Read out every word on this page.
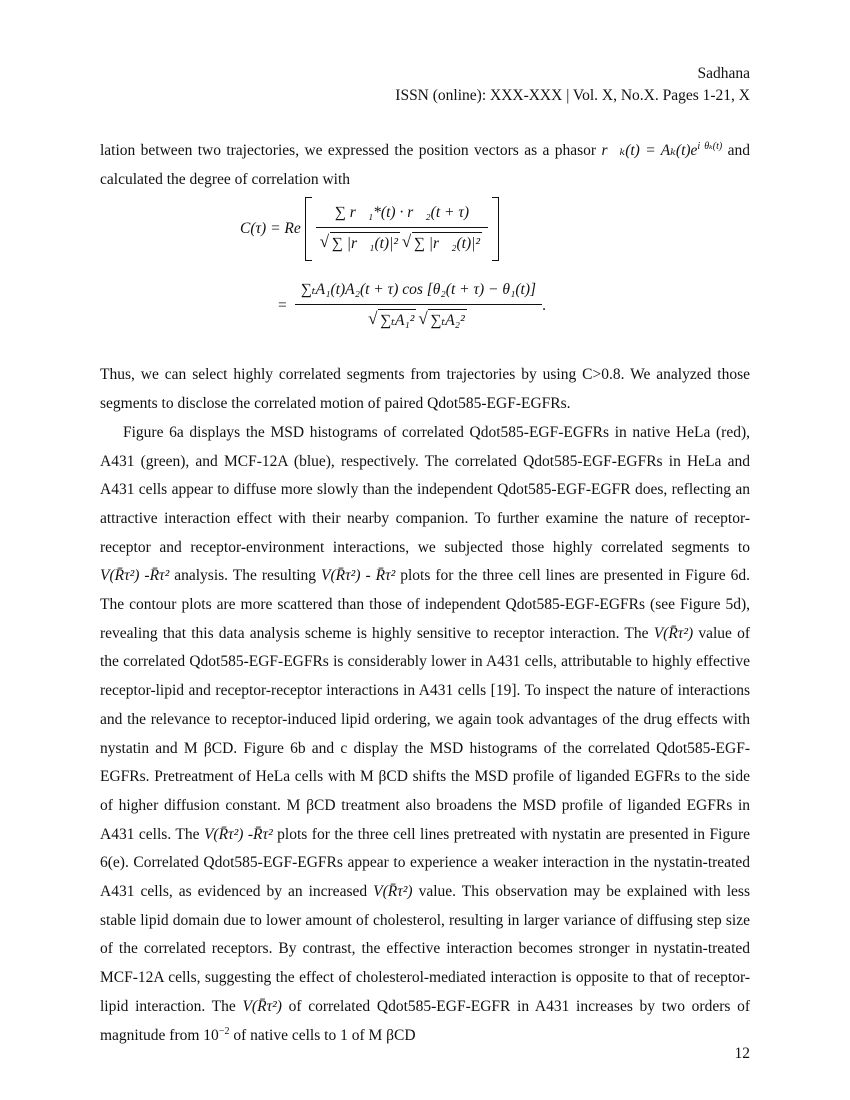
Sadhana
ISSN (online): XXX-XXX | Vol. X, No.X. Pages 1-21, X

lation between two trajectories, we expressed the position vectors as a phasor r⃗ₖ(t) = $A_k(t)e^{i \theta_k(t)}$ and calculated the degree of correlation with

C(τ) = Re ∑ r⃗₁*(t) · r⃗₂(t + τ)
√ ∑ |r⃗₁(t)|² √ ∑ |r⃗₂(t)|²
= ∑ₜA₁(t)A₂(t + τ) cos [θ₂(t + τ) − θ₁(t)]
√ ∑ₜA₁² √ ∑ₜA₂² .

Thus, we can select highly correlated segments from trajectories by using C>0.8. We analyzed those segments to disclose the correlated motion of paired Qdot585-EGF-EGFRs.

Figure 6a displays the MSD histograms of correlated Qdot585-EGF-EGFRs in native HeLa (red), A431 (green), and MCF-12A (blue), respectively. The correlated Qdot585-EGF-EGFRs in HeLa and A431 cells appear to diffuse more slowly than the independent Qdot585-EGF-EGFR does, reflecting an attractive interaction effect with their nearby companion. To further examine the nature of receptor-receptor and receptor-environment interactions, we subjected those highly correlated segments to V(R̄τ²) -R̄τ² analysis. The resulting V(R̄τ²) - R̄τ² plots for the three cell lines are presented in Figure 6d. The contour plots are more scattered than those of independent Qdot585-EGF-EGFRs (see Figure 5d), revealing that this data analysis scheme is highly sensitive to receptor interaction. The V(R̄τ²) value of the correlated Qdot585-EGF-EGFRs is considerably lower in A431 cells, attributable to highly effective receptor-lipid and receptor-receptor interactions in A431 cells [19]. To inspect the nature of interactions and the relevance to receptor-induced lipid ordering, we again took advantages of the drug effects with nystatin and M βCD. Figure 6b and c display the MSD histograms of the correlated Qdot585-EGF-EGFRs. Pretreatment of HeLa cells with M βCD shifts the MSD profile of liganded EGFRs to the side of higher diffusion constant. M βCD treatment also broadens the MSD profile of liganded EGFRs in A431 cells. The V(R̄τ²) -R̄τ² plots for the three cell lines pretreated with nystatin are presented in Figure 6(e). Correlated Qdot585-EGF-EGFRs appear to experience a weaker interaction in the nystatin-treated A431 cells, as evidenced by an increased V(R̄τ²) value. This observation may be explained with less stable lipid domain due to lower amount of cholesterol, resulting in larger variance of diffusing step size of the correlated receptors. By contrast, the effective interaction becomes stronger in nystatin-treated MCF-12A cells, suggesting the effect of cholesterol-mediated interaction is opposite to that of receptor-lipid interaction. The V(R̄τ²) of correlated Qdot585-EGF-EGFR in A431 increases by two orders of magnitude from $10^{-2}$ of native cells to 1 of M βCD

12
